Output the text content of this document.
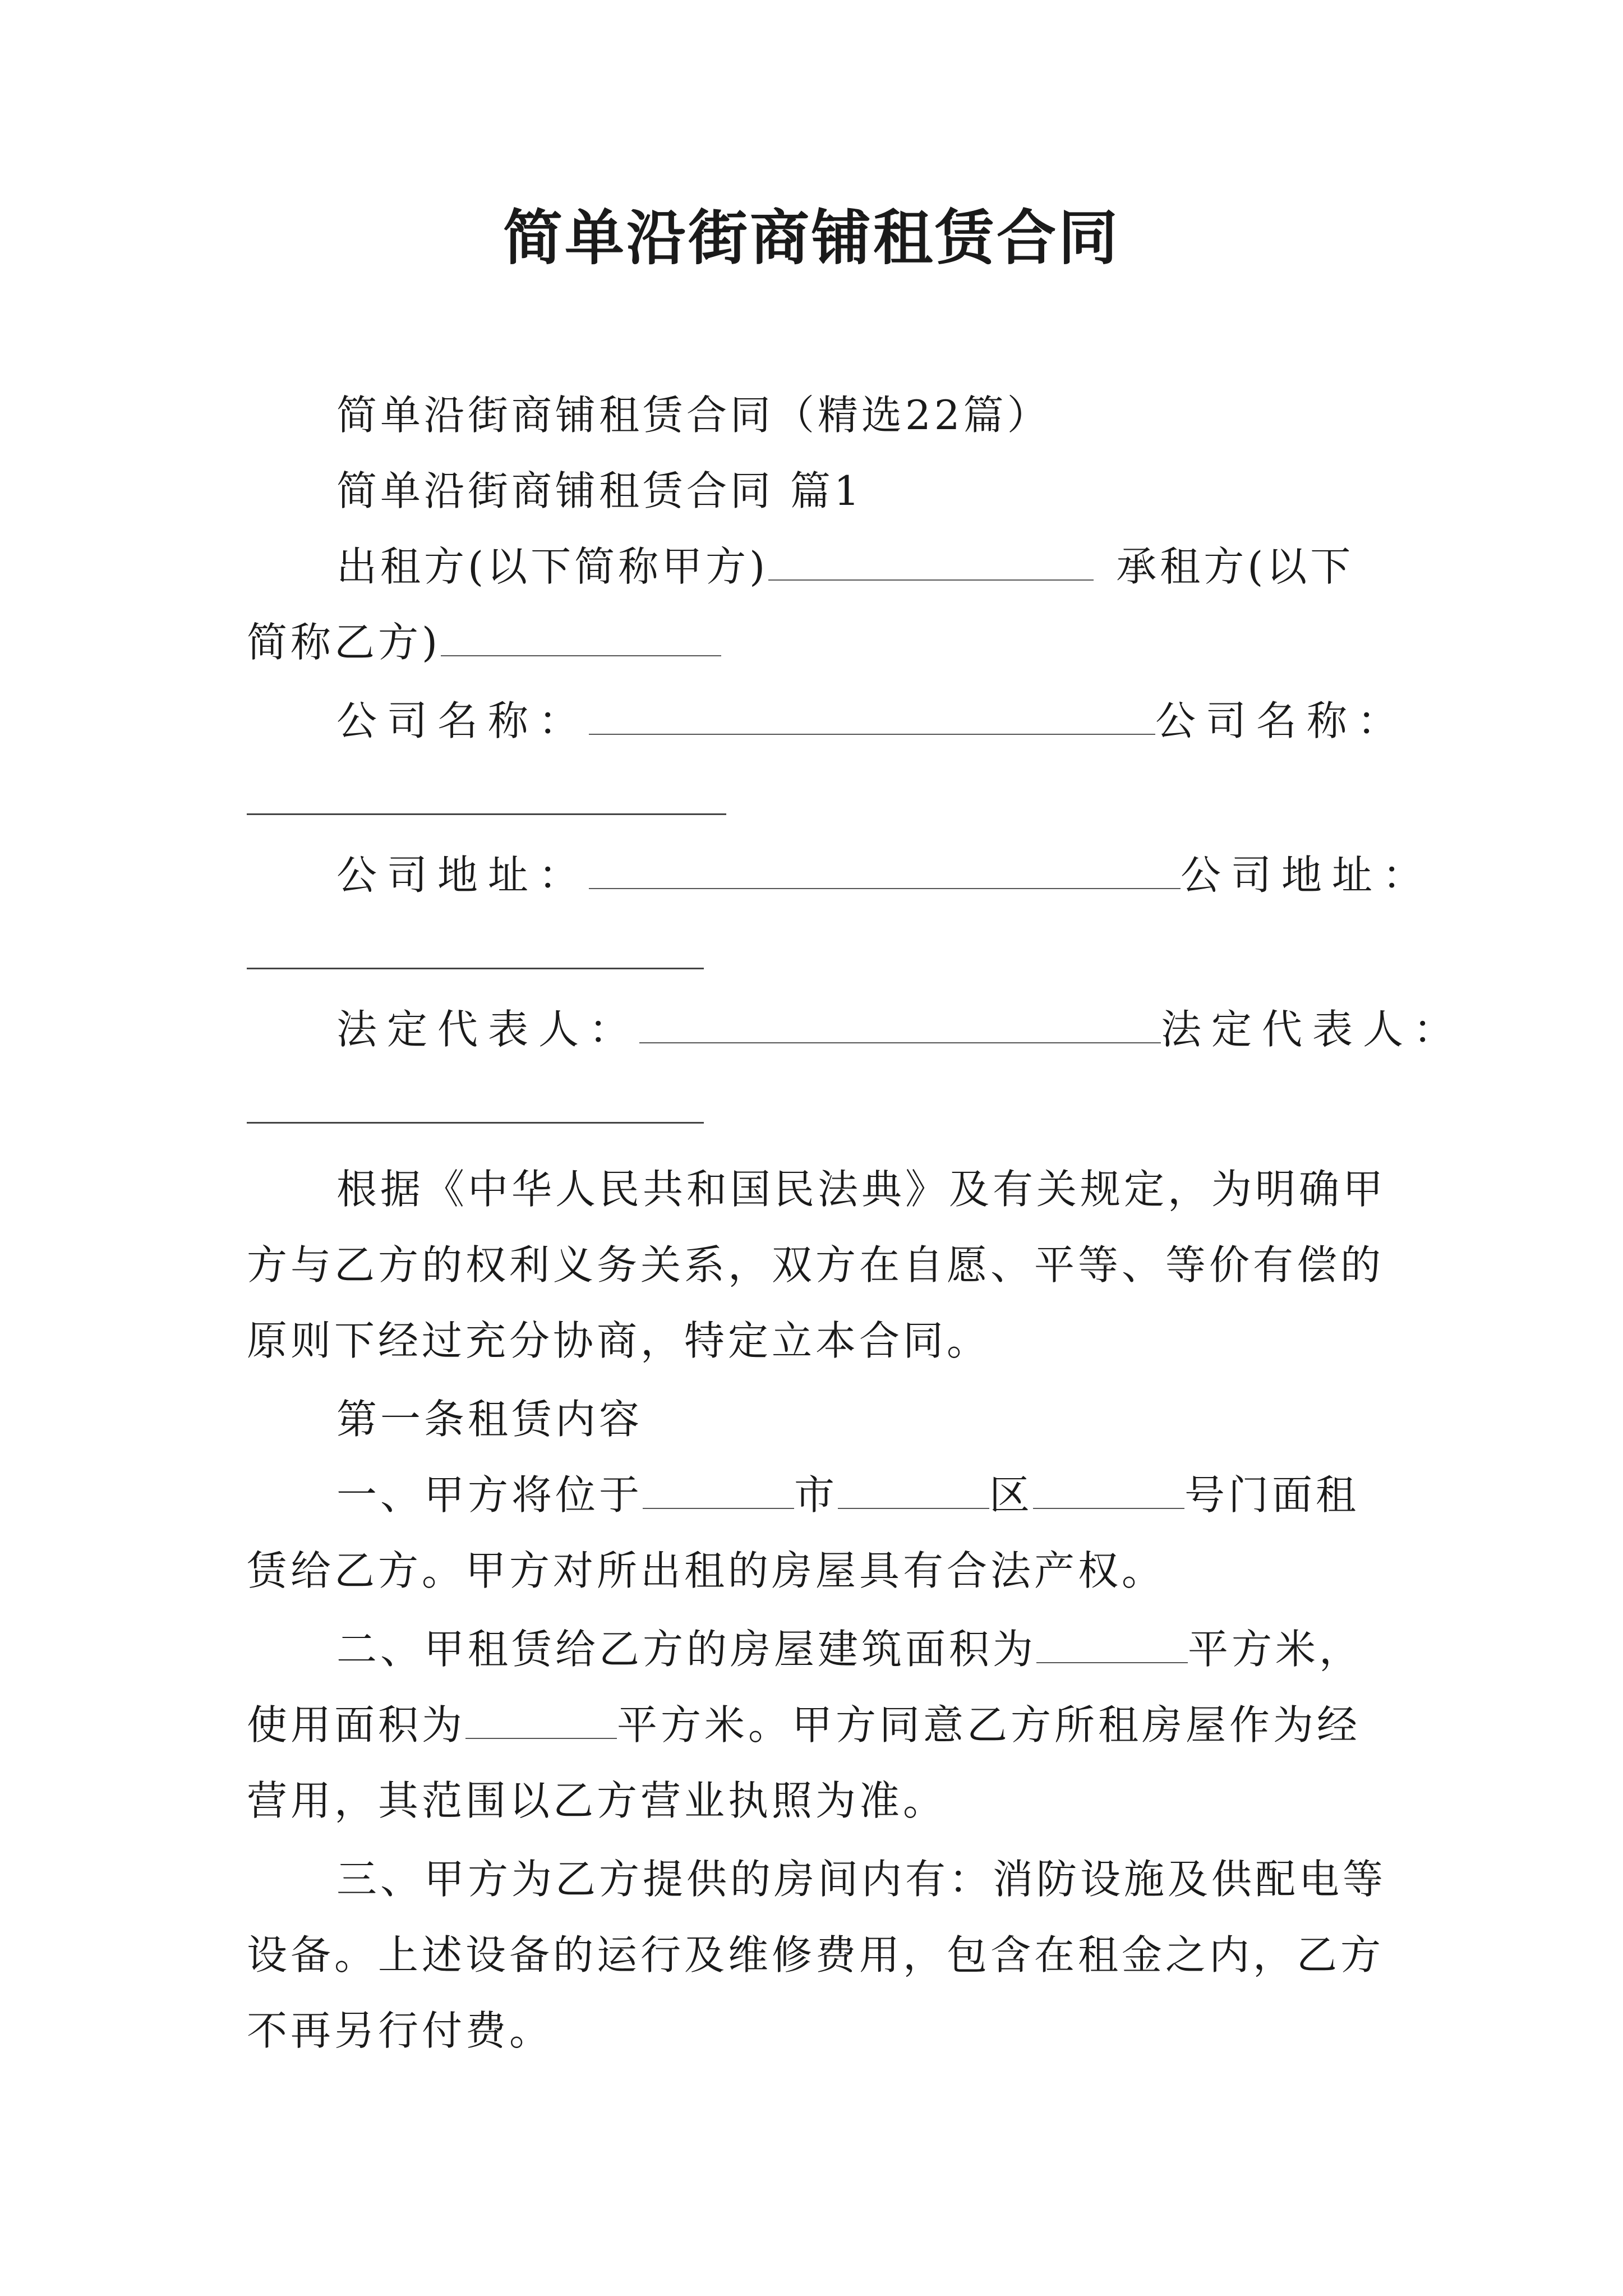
简单沿街商铺租赁合同
简单沿街商铺租赁合同（精选22篇）
简单沿街商铺租赁合同 篇1
出租方(以下简称甲方)	承租方(以下
简称乙方)
公司名称：	公司名称：
公司地址：	公司地址：
法定代表人：	法定代表人：
根据《中华人民共和国民法典》及有关规定，为明确甲
方与乙方的权利义务关系，双方在自愿、平等、等价有偿的
原则下经过充分协商，特定立本合同。
第一条租赁内容
一、甲方将位于	市	区	号门面租
赁给乙方。甲方对所出租的房屋具有合法产权。
二、甲租赁给乙方的房屋建筑面积为	平方米，
使用面积为	平方米。甲方同意乙方所租房屋作为经
营用，其范围以乙方营业执照为准。
三、甲方为乙方提供的房间内有：消防设施及供配电等
设备。上述设备的运行及维修费用，包含在租金之内，乙方
不再另行付费。
